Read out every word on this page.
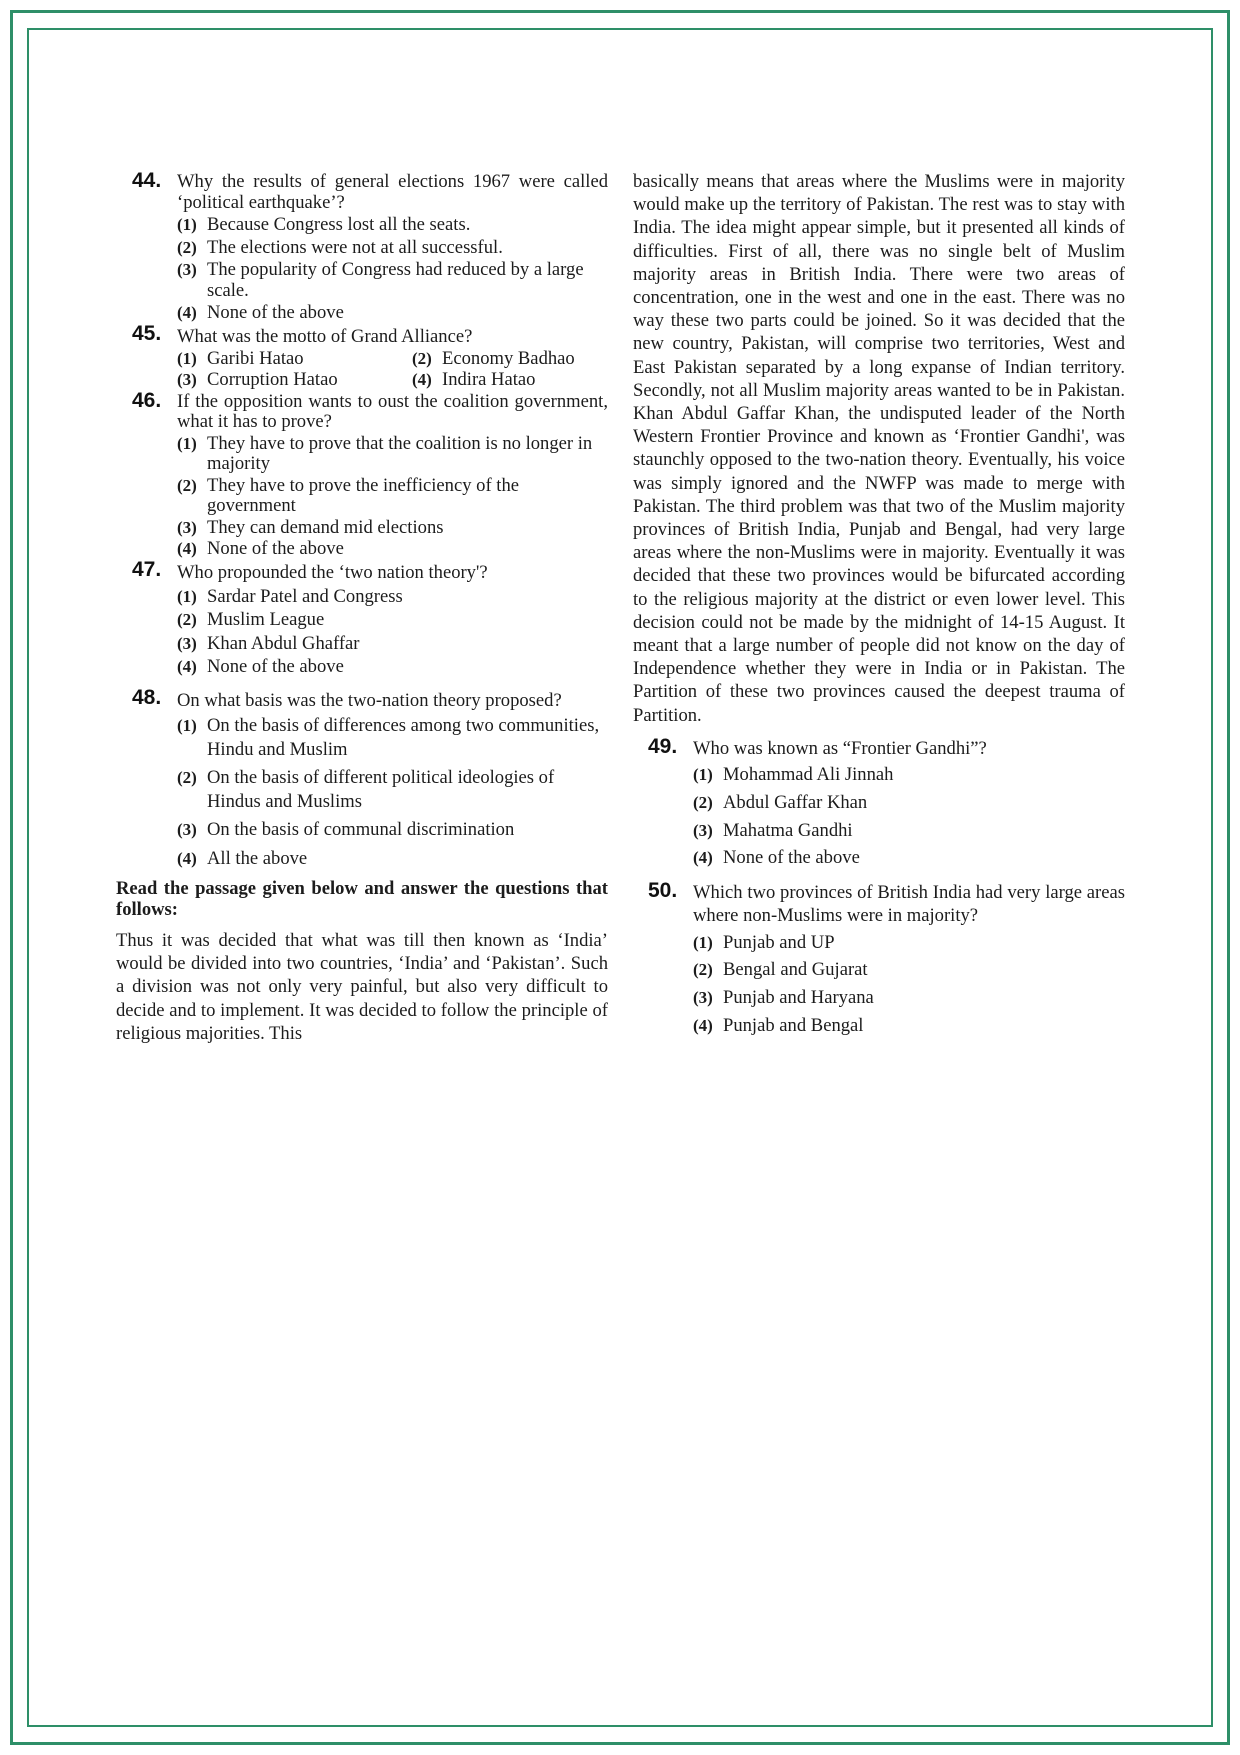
44. Why the results of general elections 1967 were called ‘political earthquake’?
(1) Because Congress lost all the seats.
(2) The elections were not at all successful.
(3) The popularity of Congress had reduced by a large scale.
(4) None of the above
45. What was the motto of Grand Alliance?
(1) Garibi Hatao	(2) Economy Badhao
(3) Corruption Hatao	(4) Indira Hatao
46. If the opposition wants to oust the coalition government, what it has to prove?
(1) They have to prove that the coalition is no longer in majority
(2) They have to prove the inefficiency of the government
(3) They can demand mid elections
(4) None of the above
47. Who propounded the ‘two nation theory'?
(1) Sardar Patel and Congress
(2) Muslim League
(3) Khan Abdul Ghaffar
(4) None of the above
48. On what basis was the two-nation theory proposed?
(1) On the basis of differences among two communities, Hindu and Muslim
(2) On the basis of different political ideologies of Hindus and Muslims
(3) On the basis of communal discrimination
(4) All the above
Read the passage given below and answer the questions that follows:
Thus it was decided that what was till then known as ‘India’ would be divided into two countries, ‘India’ and ‘Pakistan’. Such a division was not only very painful, but also very difficult to decide and to implement. It was decided to follow the principle of religious majorities. This
basically means that areas where the Muslims were in majority would make up the territory of Pakistan. The rest was to stay with India. The idea might appear simple, but it presented all kinds of difficulties. First of all, there was no single belt of Muslim majority areas in British India. There were two areas of concentration, one in the west and one in the east. There was no way these two parts could be joined. So it was decided that the new country, Pakistan, will comprise two territories, West and East Pakistan separated by a long expanse of Indian territory. Secondly, not all Muslim majority areas wanted to be in Pakistan. Khan Abdul Gaffar Khan, the undisputed leader of the North Western Frontier Province and known as ‘Frontier Gandhi', was staunchly opposed to the two-nation theory. Eventually, his voice was simply ignored and the NWFP was made to merge with Pakistan. The third problem was that two of the Muslim majority provinces of British India, Punjab and Bengal, had very large areas where the non-Muslims were in majority. Eventually it was decided that these two provinces would be bifurcated according to the religious majority at the district or even lower level. This decision could not be made by the midnight of 14-15 August. It meant that a large number of people did not know on the day of Independence whether they were in India or in Pakistan. The Partition of these two provinces caused the deepest trauma of Partition.
49. Who was known as “Frontier Gandhi”?
(1) Mohammad Ali Jinnah
(2) Abdul Gaffar Khan
(3) Mahatma Gandhi
(4) None of the above
50. Which two provinces of British India had very large areas where non-Muslims were in majority?
(1) Punjab and UP
(2) Bengal and Gujarat
(3) Punjab and Haryana
(4) Punjab and Bengal
